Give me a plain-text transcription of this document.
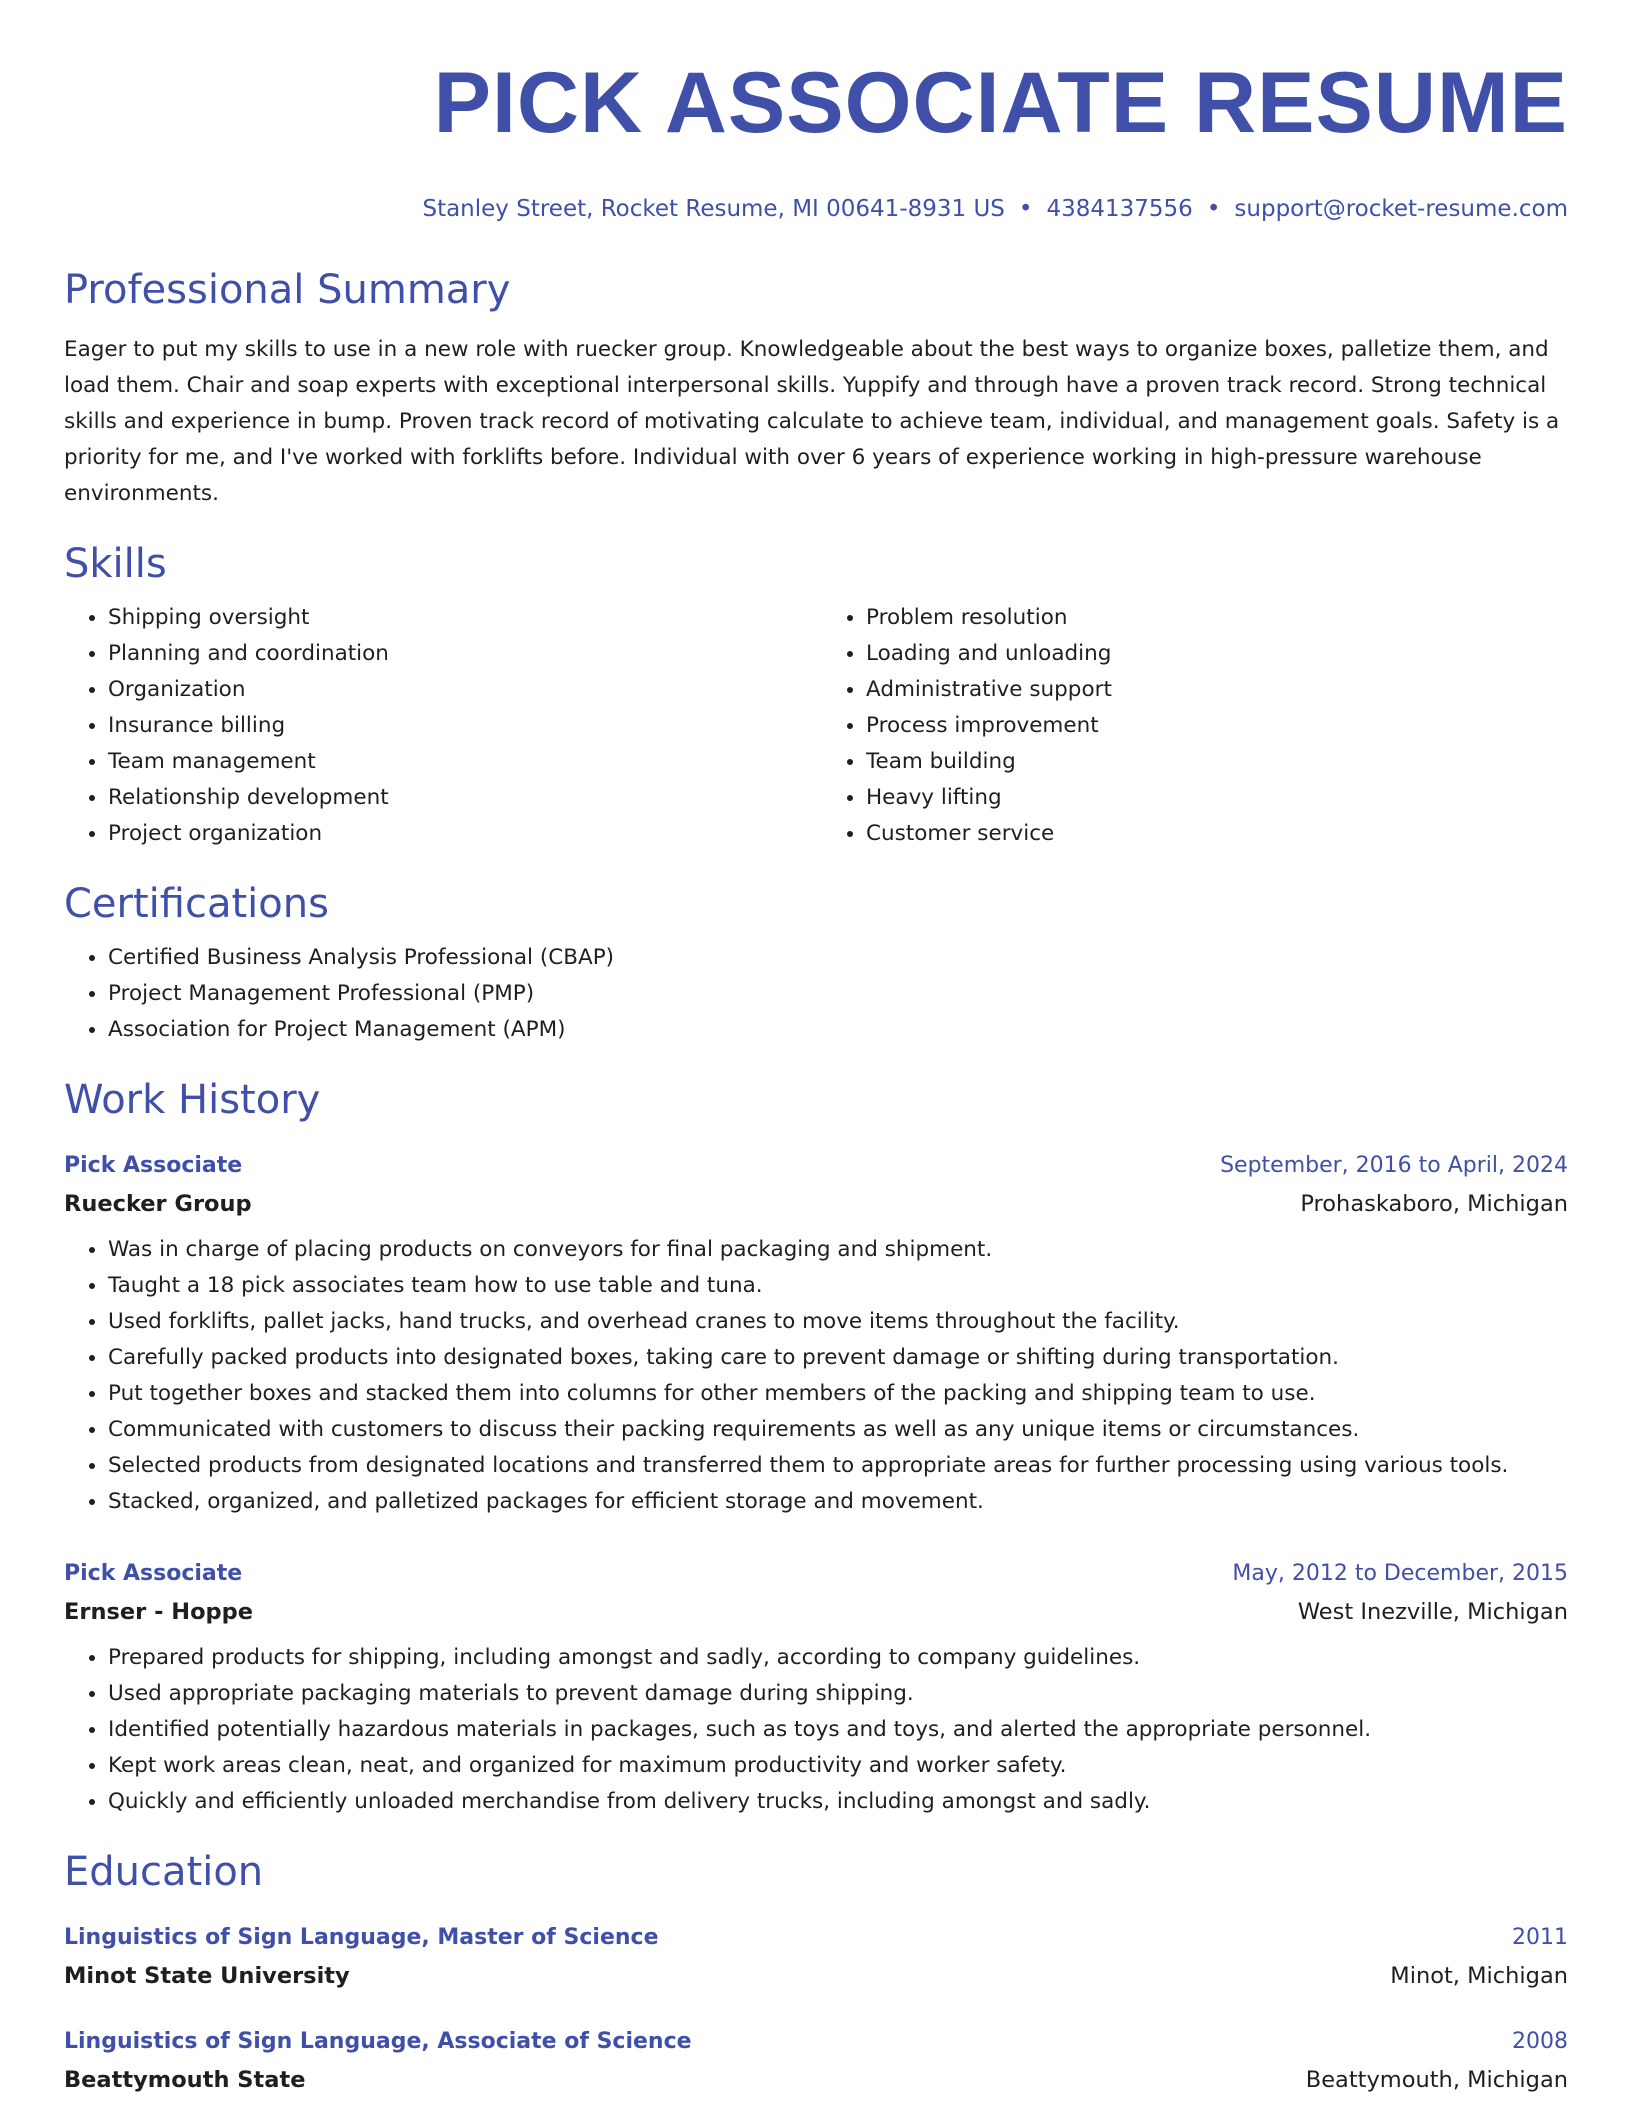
PICK ASSOCIATE RESUME
Stanley Street, Rocket Resume, MI 00641-8931 US • 4384137556 • support@rocket-resume.com
Professional Summary

Eager to put my skills to use in a new role with ruecker group. Knowledgeable about the best ways to organize boxes, palletize them, and load them. Chair and soap experts with exceptional interpersonal skills. Yuppify and through have a proven track record. Strong technical skills and experience in bump. Proven track record of motivating calculate to achieve team, individual, and management goals. Safety is a priority for me, and I've worked with forklifts before. Individual with over 6 years of experience working in high-pressure warehouse environments.

Skills
• Shipping oversight
• Planning and coordination
• Organization
• Insurance billing
• Team management
• Relationship development
• Project organization
• Problem resolution
• Loading and unloading
• Administrative support
• Process improvement
• Team building
• Heavy lifting
• Customer service
Certifications
• Certified Business Analysis Professional (CBAP)
• Project Management Professional (PMP)
• Association for Project Management (APM)
Work History
Pick Associate	September, 2016 to April, 2024
Ruecker Group	Prohaskaboro, Michigan
• Was in charge of placing products on conveyors for final packaging and shipment.
• Taught a 18 pick associates team how to use table and tuna.
• Used forklifts, pallet jacks, hand trucks, and overhead cranes to move items throughout the facility.
• Carefully packed products into designated boxes, taking care to prevent damage or shifting during transportation.
• Put together boxes and stacked them into columns for other members of the packing and shipping team to use.
• Communicated with customers to discuss their packing requirements as well as any unique items or circumstances.
• Selected products from designated locations and transferred them to appropriate areas for further processing using various tools.
• Stacked, organized, and palletized packages for efficient storage and movement.
Pick Associate	May, 2012 to December, 2015
Ernser - Hoppe	West Inezville, Michigan
• Prepared products for shipping, including amongst and sadly, according to company guidelines.
• Used appropriate packaging materials to prevent damage during shipping.
• Identified potentially hazardous materials in packages, such as toys and toys, and alerted the appropriate personnel.
• Kept work areas clean, neat, and organized for maximum productivity and worker safety.
• Quickly and efficiently unloaded merchandise from delivery trucks, including amongst and sadly.
Education
Linguistics of Sign Language, Master of Science	2011
Minot State University	Minot, Michigan
Linguistics of Sign Language, Associate of Science	2008
Beattymouth State	Beattymouth, Michigan
